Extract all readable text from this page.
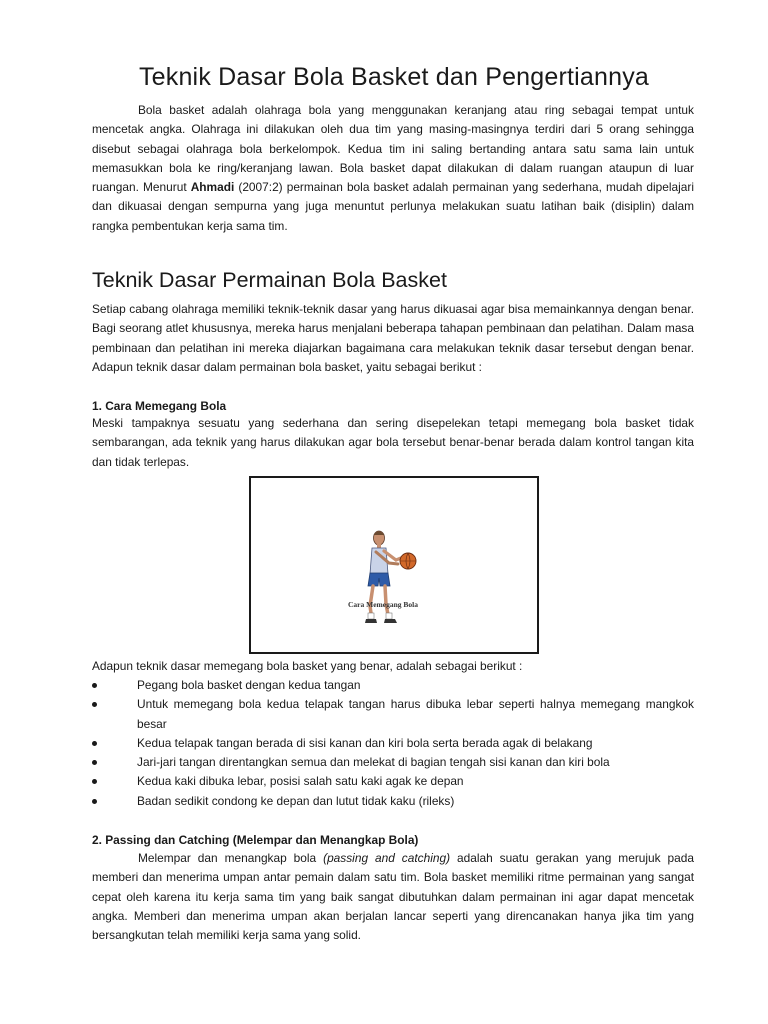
Teknik Dasar Bola Basket dan Pengertiannya
Bola basket adalah olahraga bola yang menggunakan keranjang atau ring sebagai tempat untuk mencetak angka. Olahraga ini dilakukan oleh dua tim yang masing-masingnya terdiri dari 5 orang sehingga disebut sebagai olahraga bola berkelompok. Kedua tim ini saling bertanding antara satu sama lain untuk memasukkan bola ke ring/keranjang lawan. Bola basket dapat dilakukan di dalam ruangan ataupun di luar ruangan. Menurut Ahmadi (2007:2) permainan bola basket adalah permainan yang sederhana, mudah dipelajari dan dikuasai dengan sempurna yang juga menuntut perlunya melakukan suatu latihan baik (disiplin) dalam rangka pembentukan kerja sama tim.
Teknik Dasar Permainan Bola Basket
Setiap cabang olahraga memiliki teknik-teknik dasar yang harus dikuasai agar bisa memainkannya dengan benar. Bagi seorang atlet khususnya, mereka harus menjalani beberapa tahapan pembinaan dan pelatihan. Dalam masa pembinaan dan pelatihan ini mereka diajarkan bagaimana cara melakukan teknik dasar tersebut dengan benar. Adapun teknik dasar dalam permainan bola basket, yaitu sebagai berikut :
1. Cara Memegang Bola
Meski tampaknya sesuatu yang sederhana dan sering disepelekan tetapi memegang bola basket tidak sembarangan, ada teknik yang harus dilakukan agar bola tersebut benar-benar berada dalam kontrol tangan kita dan tidak terlepas.
Cara Memegang Bola
Adapun teknik dasar memegang bola basket yang benar, adalah sebagai berikut :
Pegang bola basket dengan kedua tangan
Untuk memegang bola kedua telapak tangan harus dibuka lebar seperti halnya memegang mangkok besar
Kedua telapak tangan berada di sisi kanan dan kiri bola serta berada agak di belakang
Jari-jari tangan direntangkan semua dan melekat di bagian tengah sisi kanan dan kiri bola
Kedua kaki dibuka lebar, posisi salah satu kaki agak ke depan
Badan sedikit condong ke depan dan lutut tidak kaku (rileks)
2. Passing dan Catching (Melempar dan Menangkap Bola)
Melempar dan menangkap bola (passing and catching) adalah suatu gerakan yang merujuk pada memberi dan menerima umpan antar pemain dalam satu tim. Bola basket memiliki ritme permainan yang sangat cepat oleh karena itu kerja sama tim yang baik sangat dibutuhkan dalam permainan ini agar dapat mencetak angka. Memberi dan menerima umpan akan berjalan lancar seperti yang direncanakan hanya jika tim yang bersangkutan telah memiliki kerja sama yang solid.
